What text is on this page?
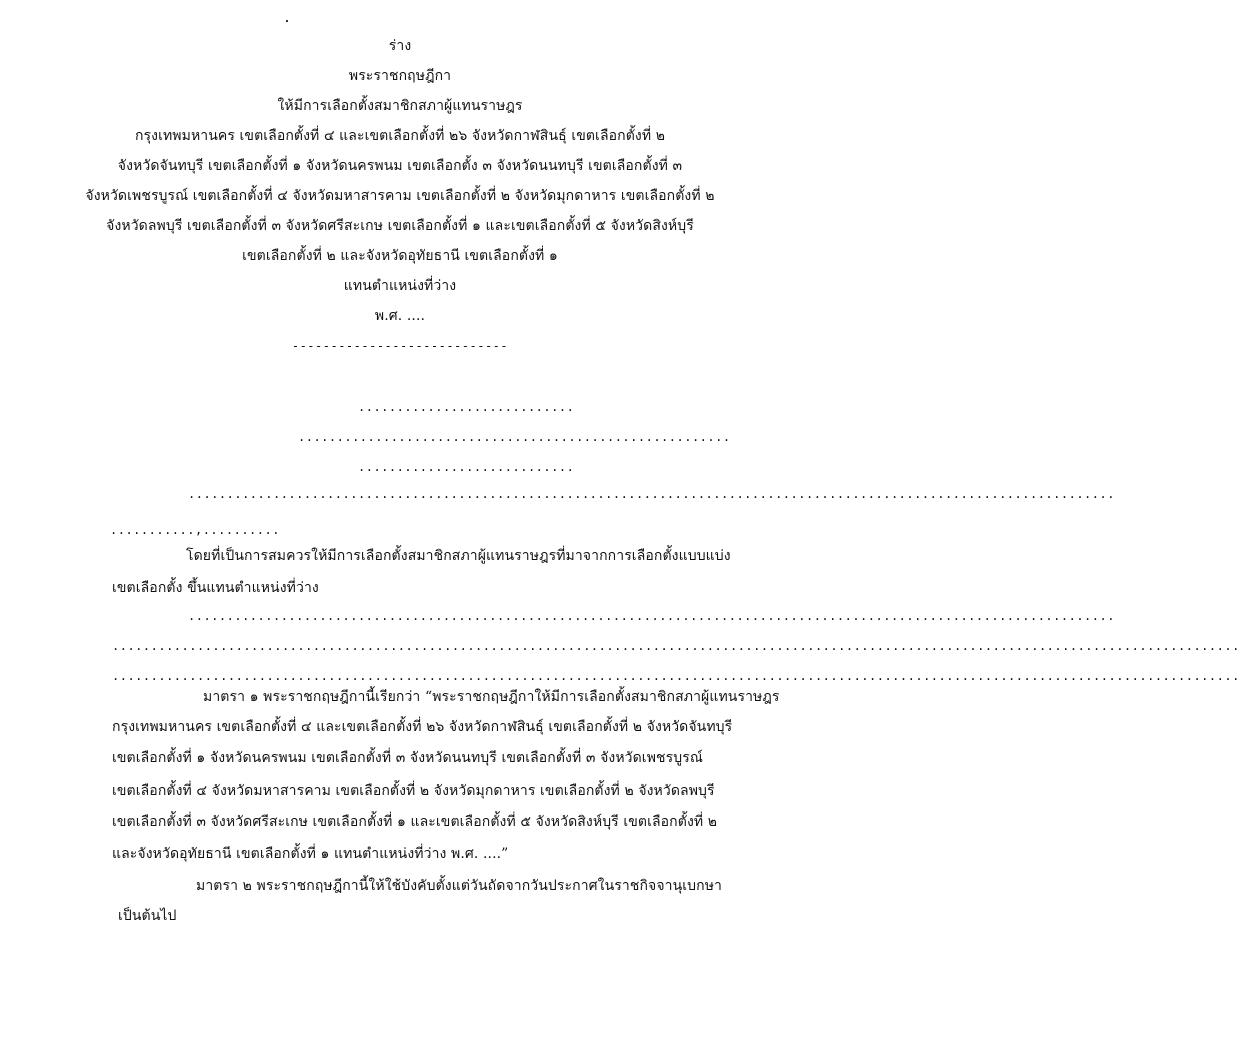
ร่าง
พระราชกฤษฎีกา
ให้มีการเลือกตั้งสมาชิกสภาผู้แทนราษฎร
กรุงเทพมหานคร เขตเลือกตั้งที่ ๔ และเขตเลือกตั้งที่ ๒๖ จังหวัดกาฬสินธุ์ เขตเลือกตั้งที่ ๒
จังหวัดจันทบุรี เขตเลือกตั้งที่ ๑ จังหวัดนครพนม เขตเลือกตั้ง ๓ จังหวัดนนทบุรี เขตเลือกตั้งที่ ๓
จังหวัดเพชรบูรณ์ เขตเลือกตั้งที่ ๔ จังหวัดมหาสารคาม เขตเลือกตั้งที่ ๒ จังหวัดมุกดาหาร เขตเลือกตั้งที่ ๒
จังหวัดลพบุรี เขตเลือกตั้งที่ ๓ จังหวัดศรีสะเกษ เขตเลือกตั้งที่ ๑ และเขตเลือกตั้งที่ ๕ จังหวัดสิงห์บุรี
เขตเลือกตั้งที่ ๒ และจังหวัดอุทัยธานี เขตเลือกตั้งที่ ๑
แทนตำแหน่งที่ว่าง
พ.ศ. ....
----------------------------
............................
........................................................
............................
........................................................................................................................
...........,..........
โดยที่เป็นการสมควรให้มีการเลือกตั้งสมาชิกสภาผู้แทนราษฎรที่มาจากการเลือกตั้งแบบแบ่ง
เขตเลือกตั้ง ขึ้นแทนตำแหน่งที่ว่าง
........................................................................................................................
..................................................................................................................................................
..................................................................................................................................................
มาตรา ๑ พระราชกฤษฎีกานี้เรียกว่า “พระราชกฤษฎีกาให้มีการเลือกตั้งสมาชิกสภาผู้แทนราษฎร
กรุงเทพมหานคร เขตเลือกตั้งที่ ๔ และเขตเลือกตั้งที่ ๒๖ จังหวัดกาฬสินธุ์ เขตเลือกตั้งที่ ๒ จังหวัดจันทบุรี
เขตเลือกตั้งที่ ๑ จังหวัดนครพนม เขตเลือกตั้งที่ ๓ จังหวัดนนทบุรี เขตเลือกตั้งที่ ๓ จังหวัดเพชรบูรณ์
เขตเลือกตั้งที่ ๔ จังหวัดมหาสารคาม เขตเลือกตั้งที่ ๒ จังหวัดมุกดาหาร เขตเลือกตั้งที่ ๒ จังหวัดลพบุรี
เขตเลือกตั้งที่ ๓ จังหวัดศรีสะเกษ เขตเลือกตั้งที่ ๑ และเขตเลือกตั้งที่ ๕ จังหวัดสิงห์บุรี เขตเลือกตั้งที่ ๒
และจังหวัดอุทัยธานี เขตเลือกตั้งที่ ๑ แทนตำแหน่งที่ว่าง พ.ศ. ....”
มาตรา ๒ พระราชกฤษฎีกานี้ให้ใช้บังคับตั้งแต่วันถัดจากวันประกาศในราชกิจจานุเบกษา
เป็นต้นไป
